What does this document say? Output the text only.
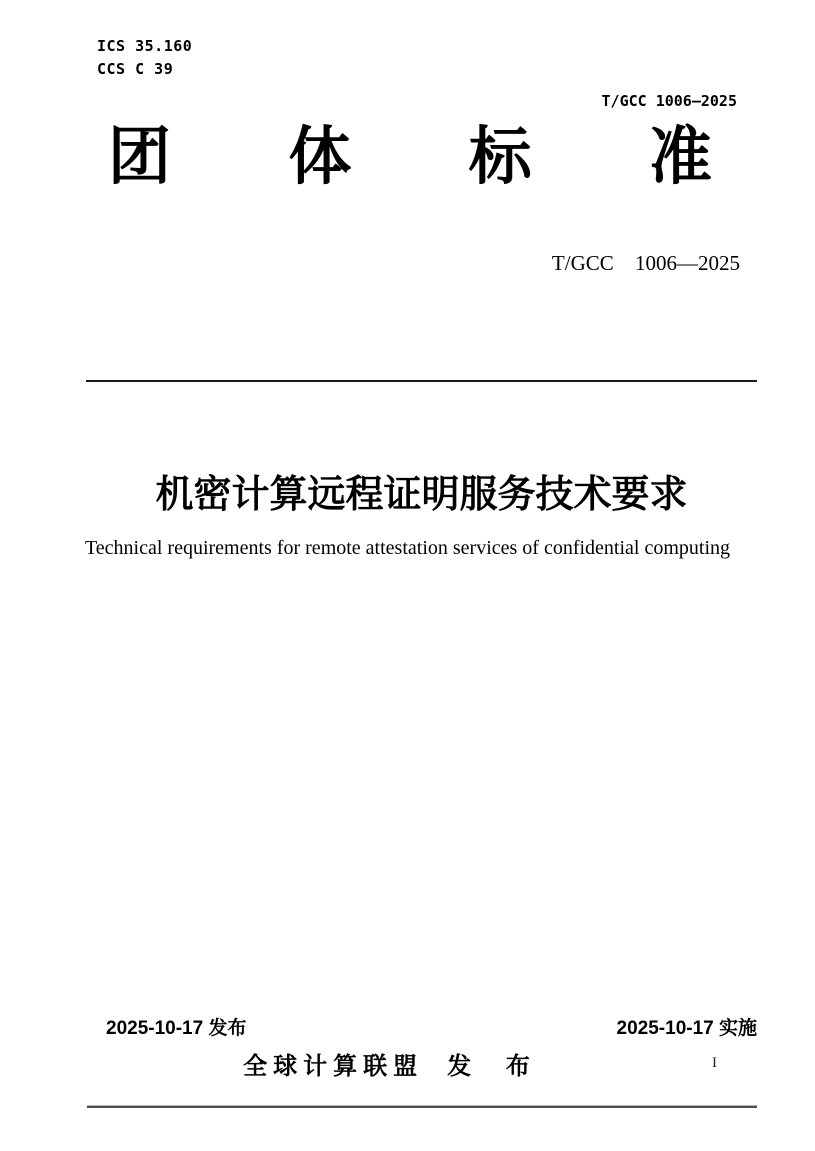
ICS 35.160
CCS C 39
T/GCC 1006—2025
团 体 标 准
T/GCC 1006—2025
机密计算远程证明服务技术要求
Technical requirements for remote attestation services of confidential computing
2025-10-17 发布	2025-10-17 实施
全球计算联盟 发 布	I
